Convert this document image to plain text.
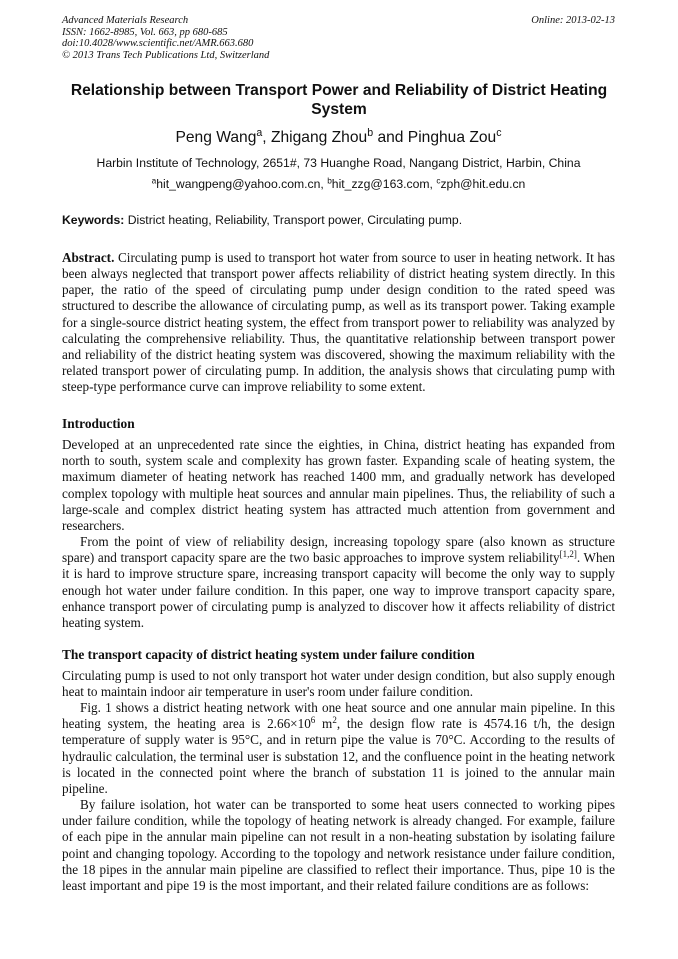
Advanced Materials Research
ISSN: 1662-8985, Vol. 663, pp 680-685
doi:10.4028/www.scientific.net/AMR.663.680
© 2013 Trans Tech Publications Ltd, Switzerland
Online: 2013-02-13
Relationship between Transport Power and Reliability of District Heating System
Peng Wang$^a$, Zhigang Zhou$^b$ and Pinghua Zou$^c$
Harbin Institute of Technology, 2651#, 73 Huanghe Road, Nangang District, Harbin, China
$^a$hit_wangpeng@yahoo.com.cn, $^b$hit_zzg@163.com, $^c$zph@hit.edu.cn
Keywords: District heating, Reliability, Transport power, Circulating pump.
Abstract. Circulating pump is used to transport hot water from source to user in heating network. It has been always neglected that transport power affects reliability of district heating system directly. In this paper, the ratio of the speed of circulating pump under design condition to the rated speed was structured to describe the allowance of circulating pump, as well as its transport power. Taking example for a single-source district heating system, the effect from transport power to reliability was analyzed by calculating the comprehensive reliability. Thus, the quantitative relationship between transport power and reliability of the district heating system was discovered, showing the maximum reliability with the related transport power of circulating pump. In addition, the analysis shows that circulating pump with steep-type performance curve can improve reliability to some extent.
Introduction

Developed at an unprecedented rate since the eighties, in China, district heating has expanded from north to south, system scale and complexity has grown faster. Expanding scale of heating system, the maximum diameter of heating network has reached 1400 mm, and gradually network has developed complex topology with multiple heat sources and annular main pipelines. Thus, the reliability of such a large-scale and complex district heating system has attracted much attention from government and researchers.

From the point of view of reliability design, increasing topology spare (also known as structure spare) and transport capacity spare are the two basic approaches to improve system reliability[1,2]. When it is hard to improve structure spare, increasing transport capacity will become the only way to supply enough hot water under failure condition. In this paper, one way to improve transport capacity spare, enhance transport power of circulating pump is analyzed to discover how it affects reliability of district heating system.

The transport capacity of district heating system under failure condition

Circulating pump is used to not only transport hot water under design condition, but also supply enough heat to maintain indoor air temperature in user's room under failure condition.

Fig. 1 shows a district heating network with one heat source and one annular main pipeline. In this heating system, the heating area is $2.66\times 10^6$ $m^2$, the design flow rate is 4574.16 t/h, the design temperature of supply water is 95°C, and in return pipe the value is 70°C. According to the results of hydraulic calculation, the terminal user is substation 12, and the confluence point in the heating network is located in the connected point where the branch of substation 11 is joined to the annular main pipeline.

By failure isolation, hot water can be transported to some heat users connected to working pipes under failure condition, while the topology of heating network is already changed. For example, failure of each pipe in the annular main pipeline can not result in a non-heating substation by isolating failure point and changing topology. According to the topology and network resistance under failure condition, the 18 pipes in the annular main pipeline are classified to reflect their importance. Thus, pipe 10 is the least important and pipe 19 is the most important, and their related failure conditions are as follows:
